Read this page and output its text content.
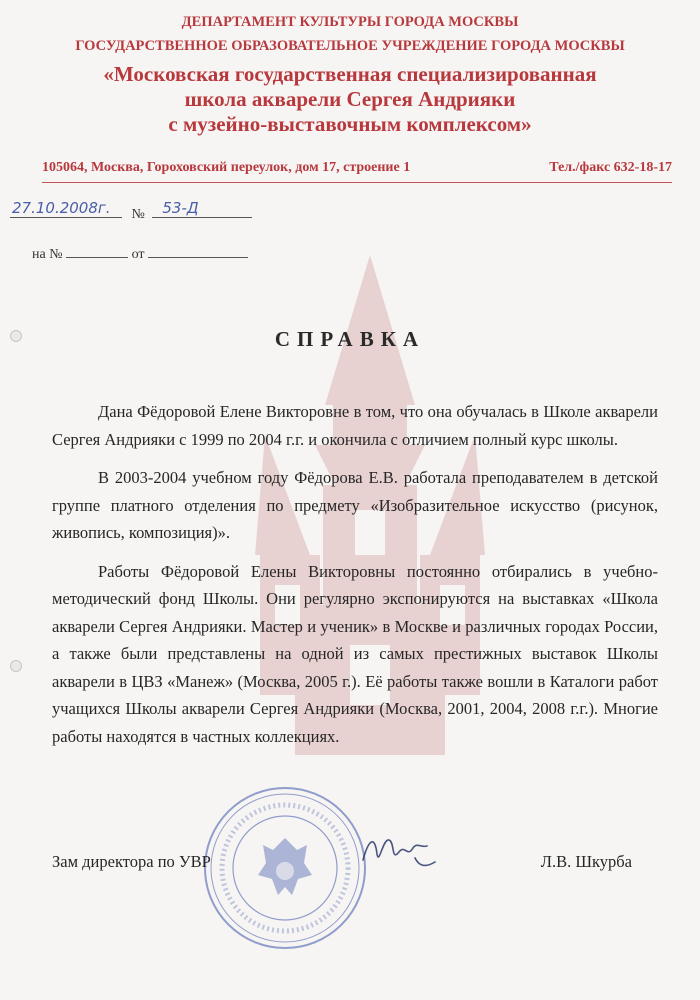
ДЕПАРТАМЕНТ КУЛЬТУРЫ ГОРОДА МОСКВЫ
ГОСУДАРСТВЕННОЕ ОБРАЗОВАТЕЛЬНОЕ УЧРЕЖДЕНИЕ ГОРОДА МОСКВЫ
«Московская государственная специализированная
школа акварели Сергея Андрияки
с музейно-выставочным комплексом»
105064, Москва, Гороховский переулок, дом 17, строение 1	Тел./факс 632-18-17
27.10.2008г. № 53-Д
на №	от
СПРАВКА

Дана Фёдоровой Елене Викторовне в том, что она обучалась в Школе акварели Сергея Андрияки с 1999 по 2004 г.г. и окончила с отличием полный курс школы.

В 2003-2004 учебном году Фёдорова Е.В. работала преподавателем в детской группе платного отделения по предмету «Изобразительное искусство (рисунок, живопись, композиция)».

Работы Фёдоровой Елены Викторовны постоянно отбирались в учебно-методический фонд Школы. Они регулярно экспонируются на выставках «Школа акварели Сергея Андрияки. Мастер и ученик» в Москве и различных городах России, а также были представлены на одной из самых престижных выставок Школы акварели в ЦВЗ «Манеж» (Москва, 2005 г.). Её работы также вошли в Каталоги работ учащихся Школы акварели Сергея Андрияки (Москва, 2001, 2004, 2008 г.г.). Многие работы находятся в частных коллекциях.

Зам директора по УВР	Л.В. Шкурба
